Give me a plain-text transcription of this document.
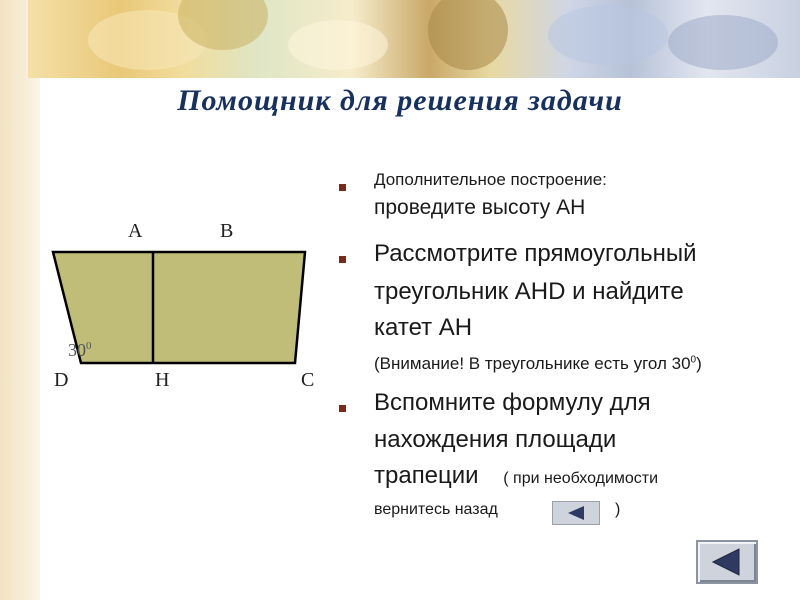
Помощник для решения задачи
A	B
D	H	C
$30^0$
Дополнительное построение:
проведите высоту AH
Рассмотрите прямоугольный
треугольник AHD и найдите
катет AH
(Внимание! В треугольнике есть угол $30^0$)
Вспомните формулу для
нахождения площади
трапеции ( при необходимости
вернитесь назад	)
